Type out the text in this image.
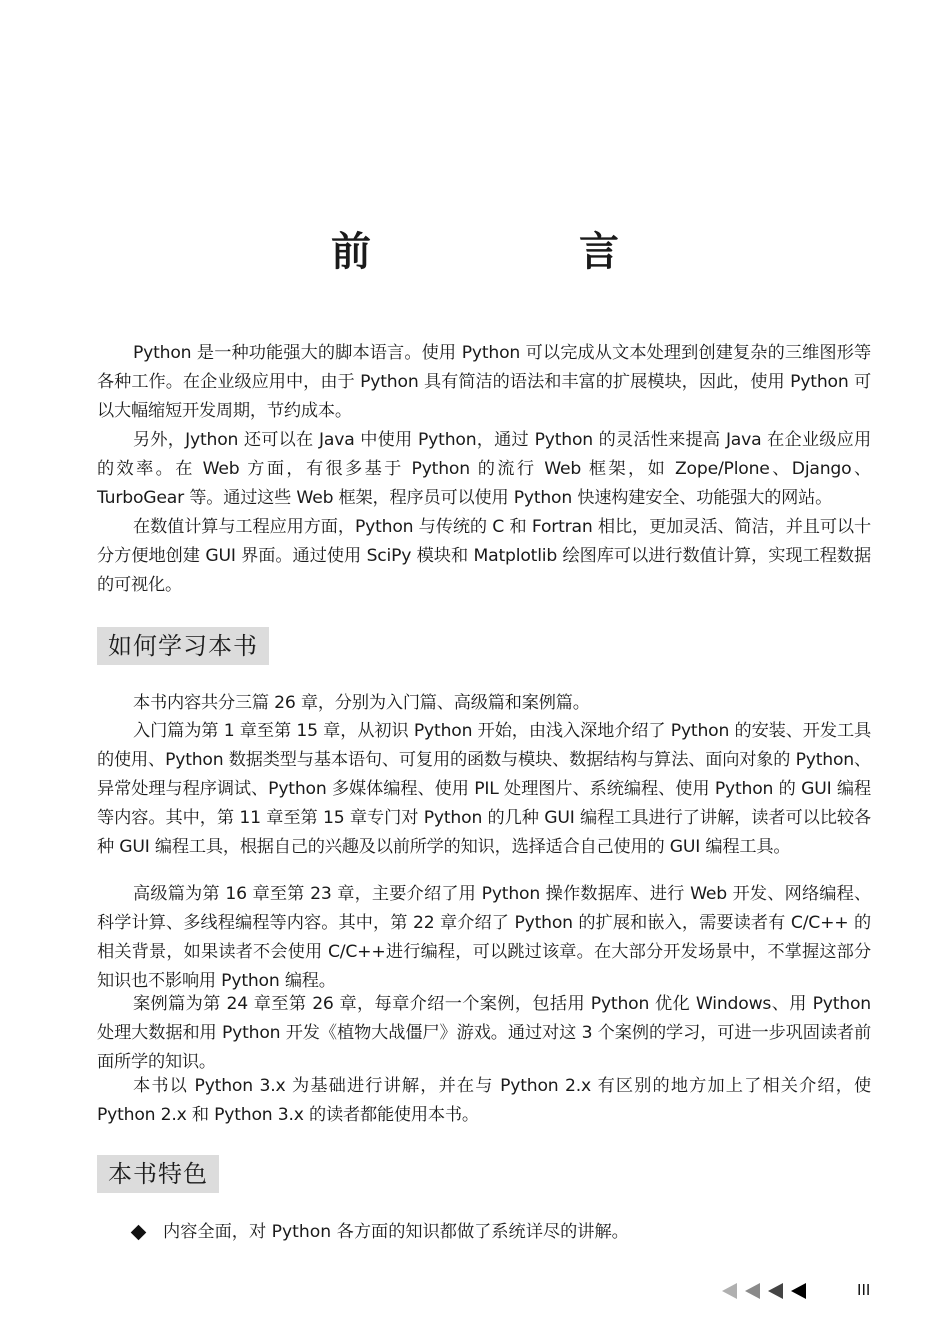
前　言

Python 是一种功能强大的脚本语言。使用 Python 可以完成从文本处理到创建复杂的三维图形等各种工作。在企业级应用中，由于 Python 具有简洁的语法和丰富的扩展模块，因此，使用 Python 可以大幅缩短开发周期，节约成本。

另外，Jython 还可以在 Java 中使用 Python，通过 Python 的灵活性来提高 Java 在企业级应用的效率。在 Web 方面，有很多基于 Python 的流行 Web 框架，如 Zope/Plone、Django、TurboGear 等。通过这些 Web 框架，程序员可以使用 Python 快速构建安全、功能强大的网站。

在数值计算与工程应用方面，Python 与传统的 C 和 Fortran 相比，更加灵活、简洁，并且可以十分方便地创建 GUI 界面。通过使用 SciPy 模块和 Matplotlib 绘图库可以进行数值计算，实现工程数据的可视化。

如何学习本书

本书内容共分三篇 26 章，分别为入门篇、高级篇和案例篇。

入门篇为第 1 章至第 15 章，从初识 Python 开始，由浅入深地介绍了 Python 的安装、开发工具的使用、Python 数据类型与基本语句、可复用的函数与模块、数据结构与算法、面向对象的 Python、异常处理与程序调试、Python 多媒体编程、使用 PIL 处理图片、系统编程、使用 Python 的 GUI 编程等内容。其中，第 11 章至第 15 章专门对 Python 的几种 GUI 编程工具进行了讲解，读者可以比较各种 GUI 编程工具，根据自己的兴趣及以前所学的知识，选择适合自己使用的 GUI 编程工具。

高级篇为第 16 章至第 23 章，主要介绍了用 Python 操作数据库、进行 Web 开发、网络编程、科学计算、多线程编程等内容。其中，第 22 章介绍了 Python 的扩展和嵌入，需要读者有 C/C++ 的相关背景，如果读者不会使用 C/C++进行编程，可以跳过该章。在大部分开发场景中，不掌握这部分知识也不影响用 Python 编程。

案例篇为第 24 章至第 26 章，每章介绍一个案例，包括用 Python 优化 Windows、用 Python 处理大数据和用 Python 开发《植物大战僵尸》游戏。通过对这 3 个案例的学习，可进一步巩固读者前面所学的知识。

本书以 Python 3.x 为基础进行讲解，并在与 Python 2.x 有区别的地方加上了相关介绍，使 Python 2.x 和 Python 3.x 的读者都能使用本书。

本书特色
内容全面，对 Python 各方面的知识都做了系统详尽的讲解。
III
